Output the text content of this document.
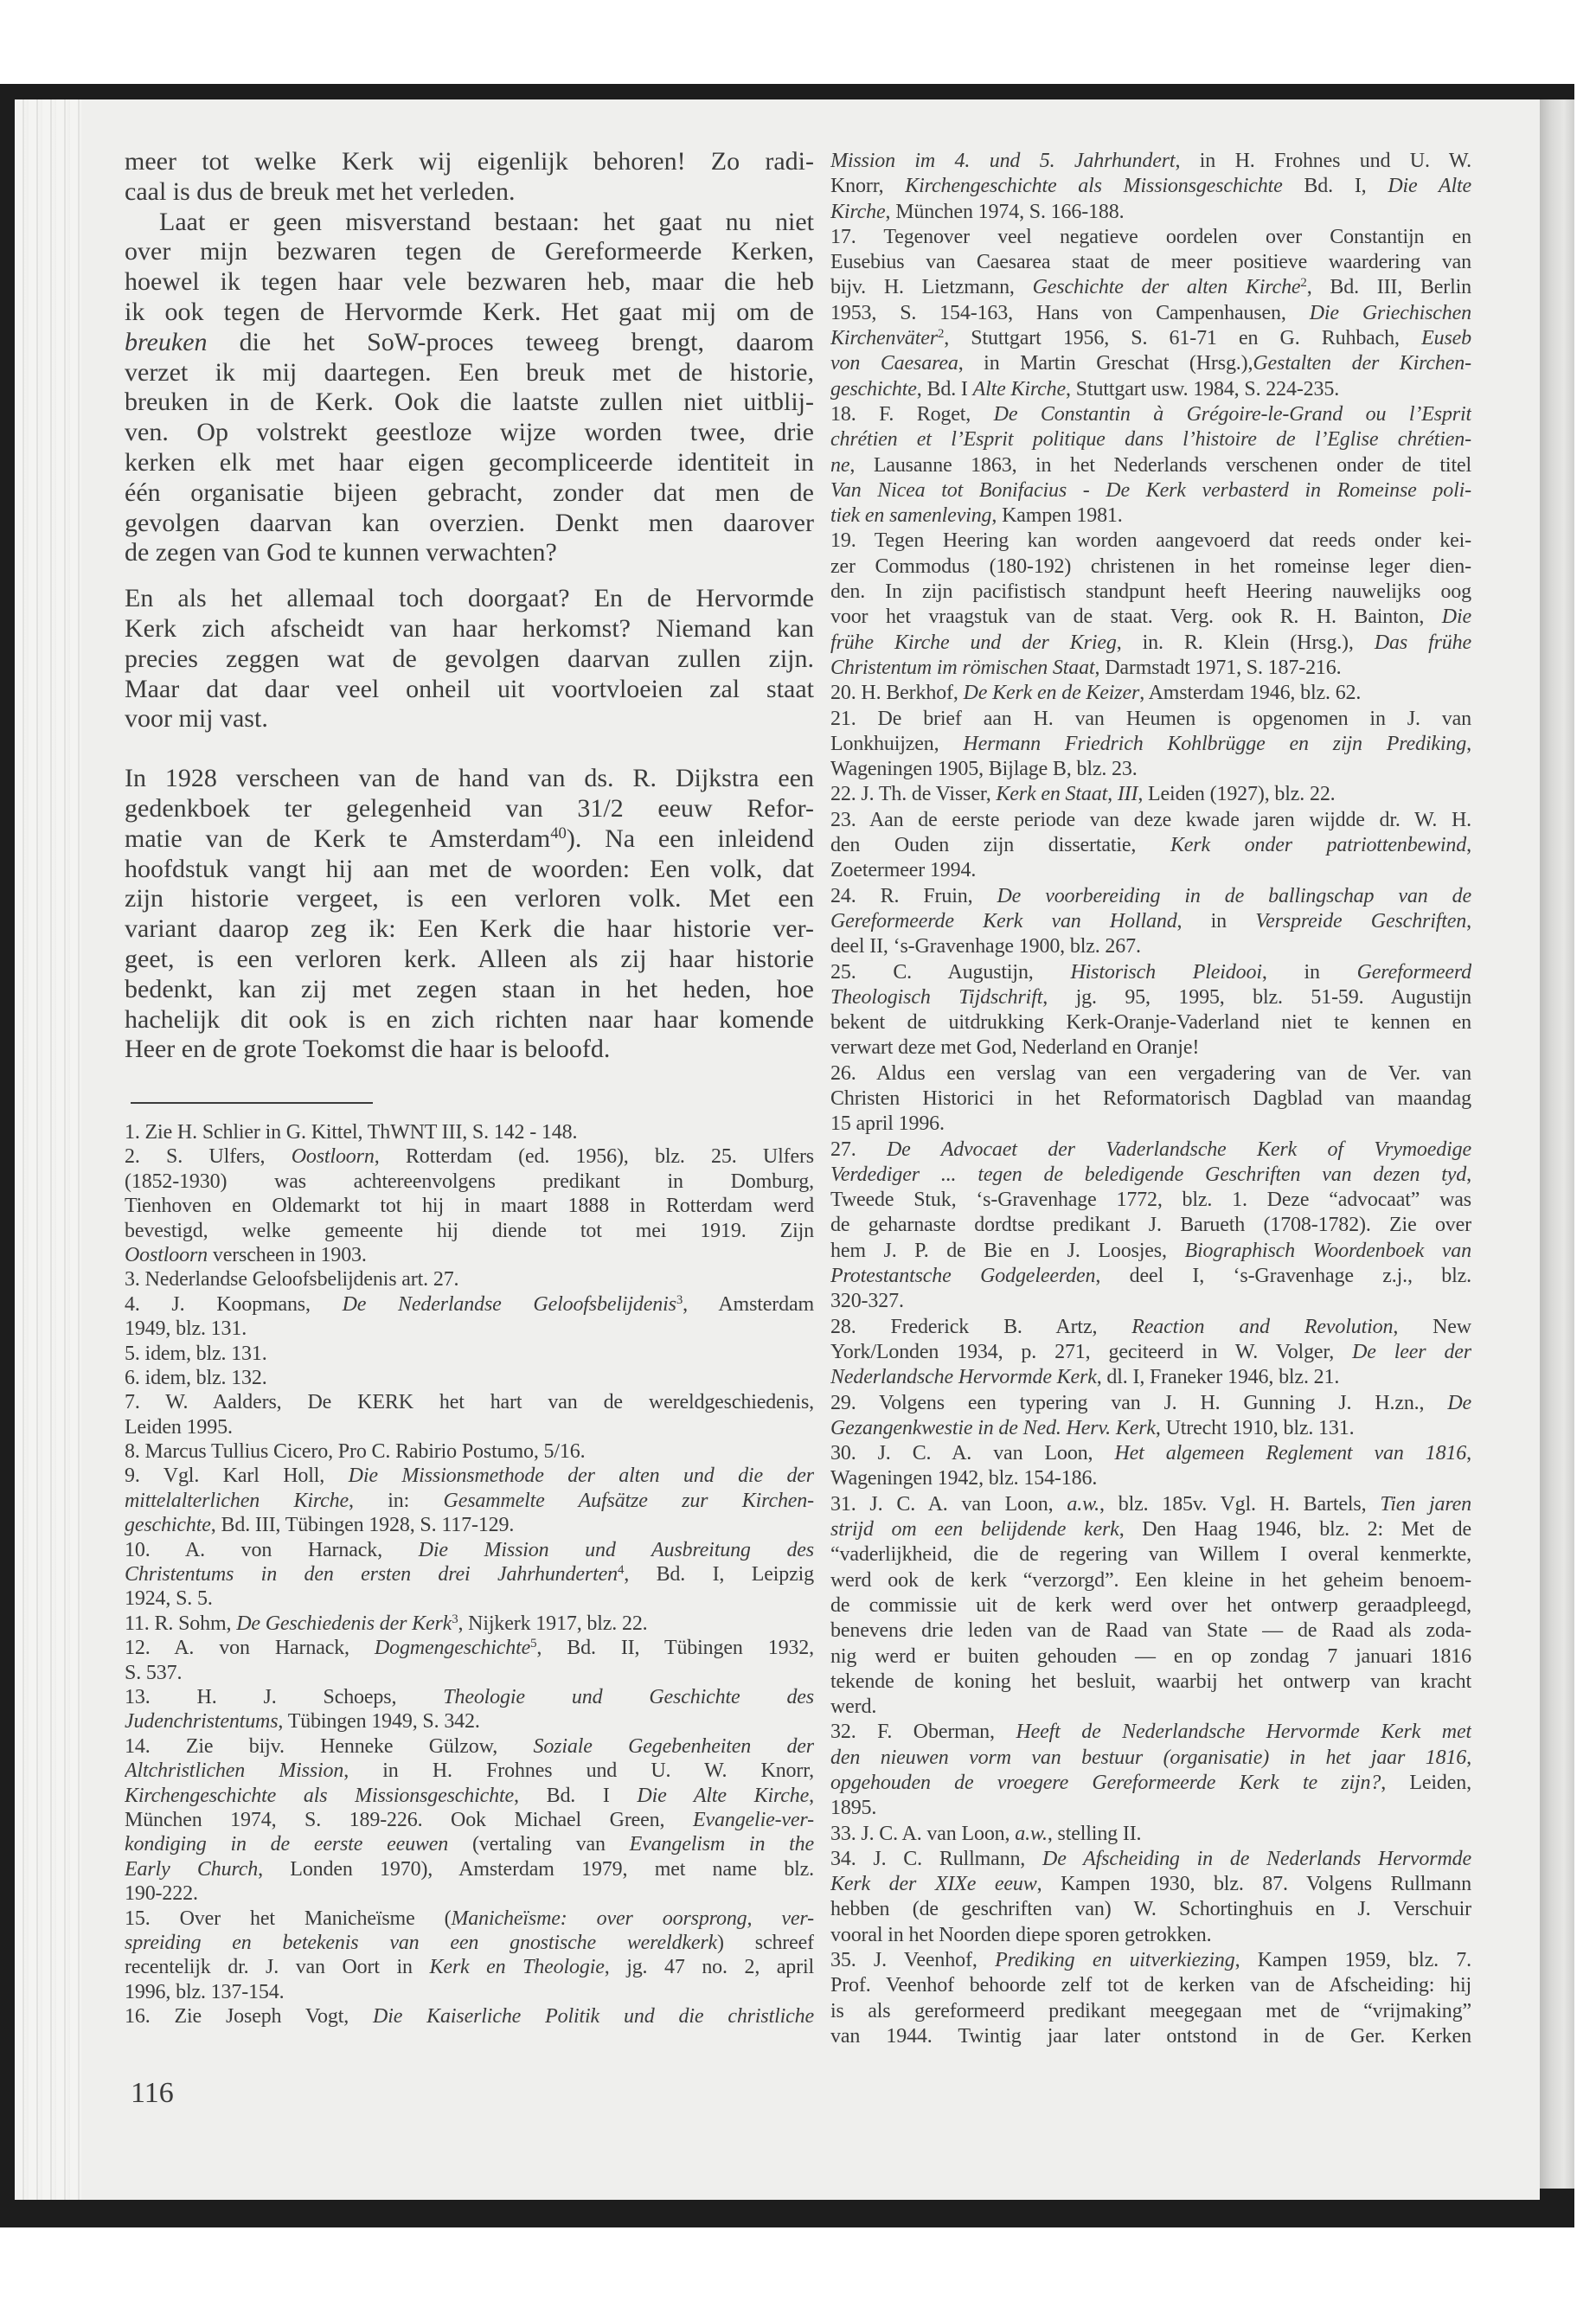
meer tot welke Kerk wij eigenlijk behoren! Zo radi-
caal is dus de breuk met het verleden.
Laat er geen misverstand bestaan: het gaat nu niet
over mijn bezwaren tegen de Gereformeerde Kerken,
hoewel ik tegen haar vele bezwaren heb, maar die heb
ik ook tegen de Hervormde Kerk. Het gaat mij om de
breuken die het SoW-proces teweeg brengt, daarom
verzet ik mij daartegen. Een breuk met de historie,
breuken in de Kerk. Ook die laatste zullen niet uitblij-
ven. Op volstrekt geestloze wijze worden twee, drie
kerken elk met haar eigen gecompliceerde identiteit in
één organisatie bijeen gebracht, zonder dat men de
gevolgen daarvan kan overzien. Denkt men daarover
de zegen van God te kunnen verwachten?
En als het allemaal toch doorgaat? En de Hervormde
Kerk zich afscheidt van haar herkomst? Niemand kan
precies zeggen wat de gevolgen daarvan zullen zijn.
Maar dat daar veel onheil uit voortvloeien zal staat
voor mij vast.
In 1928 verscheen van de hand van ds. R. Dijkstra een
gedenkboek ter gelegenheid van 31/2 eeuw Refor-
matie van de Kerk te Amsterdam$^{40}$). Na een inleidend
hoofdstuk vangt hij aan met de woorden: Een volk, dat
zijn historie vergeet, is een verloren volk. Met een
variant daarop zeg ik: Een Kerk die haar historie ver-
geet, is een verloren kerk. Alleen als zij haar historie
bedenkt, kan zij met zegen staan in het heden, hoe
hachelijk dit ook is en zich richten naar haar komende
Heer en de grote Toekomst die haar is beloofd.
1. Zie H. Schlier in G. Kittel, ThWNT III, S. 142 - 148.
2. S. Ulfers, Oostloorn, Rotterdam (ed. 1956), blz. 25. Ulfers
(1852-1930) was achtereenvolgens predikant in Domburg,
Tienhoven en Oldemarkt tot hij in maart 1888 in Rotterdam werd
bevestigd, welke gemeente hij diende tot mei 1919. Zijn
Oostloorn verscheen in 1903.
3. Nederlandse Geloofsbelijdenis art. 27.
4. J. Koopmans, De Nederlandse Geloofsbelijdenis$^3$, Amsterdam
1949, blz. 131.
5. idem, blz. 131.
6. idem, blz. 132.
7. W. Aalders, De KERK het hart van de wereldgeschiedenis,
Leiden 1995.
8. Marcus Tullius Cicero, Pro C. Rabirio Postumo, 5/16.
9. Vgl. Karl Holl, Die Missionsmethode der alten und die der
mittelalterlichen Kirche, in: Gesammelte Aufsätze zur Kirchen-
geschichte, Bd. III, Tübingen 1928, S. 117-129.
10. A. von Harnack, Die Mission und Ausbreitung des
Christentums in den ersten drei Jahrhunderten$^4$, Bd. I, Leipzig
1924, S. 5.
11. R. Sohm, De Geschiedenis der Kerk$^3$, Nijkerk 1917, blz. 22.
12. A. von Harnack, Dogmengeschichte$^5$, Bd. II, Tübingen 1932,
S. 537.
13. H. J. Schoeps, Theologie und Geschichte des
Judenchristentums, Tübingen 1949, S. 342.
14. Zie bijv. Henneke Gülzow, Soziale Gegebenheiten der
Altchristlichen Mission, in H. Frohnes und U. W. Knorr,
Kirchengeschichte als Missionsgeschichte, Bd. I Die Alte Kirche,
München 1974, S. 189-226. Ook Michael Green, Evangelie-ver-
kondiging in de eerste eeuwen (vertaling van Evangelism in the
Early Church, Londen 1970), Amsterdam 1979, met name blz.
190-222.
15. Over het Manicheïsme (Manicheïsme: over oorsprong, ver-
spreiding en betekenis van een gnostische wereldkerk) schreef
recentelijk dr. J. van Oort in Kerk en Theologie, jg. 47 no. 2, april
1996, blz. 137-154.
16. Zie Joseph Vogt, Die Kaiserliche Politik und die christliche
Mission im 4. und 5. Jahrhundert, in H. Frohnes und U. W.
Knorr, Kirchengeschichte als Missionsgeschichte Bd. I, Die Alte
Kirche, München 1974, S. 166-188.
17. Tegenover veel negatieve oordelen over Constantijn en
Eusebius van Caesarea staat de meer positieve waardering van
bijv. H. Lietzmann, Geschichte der alten Kirche$^2$, Bd. III, Berlin
1953, S. 154-163, Hans von Campenhausen, Die Griechischen
Kirchenväter$^2$, Stuttgart 1956, S. 61-71 en G. Ruhbach, Euseb
von Caesarea, in Martin Greschat (Hrsg.),Gestalten der Kirchen-
geschichte, Bd. I Alte Kirche, Stuttgart usw. 1984, S. 224-235.
18. F. Roget, De Constantin à Grégoire-le-Grand ou l’Esprit
chrétien et l’Esprit politique dans l’histoire de l’Eglise chrétien-
ne, Lausanne 1863, in het Nederlands verschenen onder de titel
Van Nicea tot Bonifacius - De Kerk verbasterd in Romeinse poli-
tiek en samenleving, Kampen 1981.
19. Tegen Heering kan worden aangevoerd dat reeds onder kei-
zer Commodus (180-192) christenen in het romeinse leger dien-
den. In zijn pacifistisch standpunt heeft Heering nauwelijks oog
voor het vraagstuk van de staat. Verg. ook R. H. Bainton, Die
frühe Kirche und der Krieg, in. R. Klein (Hrsg.), Das frühe
Christentum im römischen Staat, Darmstadt 1971, S. 187-216.
20. H. Berkhof, De Kerk en de Keizer, Amsterdam 1946, blz. 62.
21. De brief aan H. van Heumen is opgenomen in J. van
Lonkhuijzen, Hermann Friedrich Kohlbrügge en zijn Prediking,
Wageningen 1905, Bijlage B, blz. 23.
22. J. Th. de Visser, Kerk en Staat, III, Leiden (1927), blz. 22.
23. Aan de eerste periode van deze kwade jaren wijdde dr. W. H.
den Ouden zijn dissertatie, Kerk onder patriottenbewind,
Zoetermeer 1994.
24. R. Fruin, De voorbereiding in de ballingschap van de
Gereformeerde Kerk van Holland, in Verspreide Geschriften,
deel II, ‘s-Gravenhage 1900, blz. 267.
25. C. Augustijn, Historisch Pleidooi, in Gereformeerd
Theologisch Tijdschrift, jg. 95, 1995, blz. 51-59. Augustijn
bekent de uitdrukking Kerk-Oranje-Vaderland niet te kennen en
verwart deze met God, Nederland en Oranje!
26. Aldus een verslag van een vergadering van de Ver. van
Christen Historici in het Reformatorisch Dagblad van maandag
15 april 1996.
27. De Advocaet der Vaderlandsche Kerk of Vrymoedige
Verdediger ... tegen de beledigende Geschriften van dezen tyd,
Tweede Stuk, ‘s-Gravenhage 1772, blz. 1. Deze “advocaat” was
de geharnaste dordtse predikant J. Barueth (1708-1782). Zie over
hem J. P. de Bie en J. Loosjes, Biographisch Woordenboek van
Protestantsche Godgeleerden, deel I, ‘s-Gravenhage z.j., blz.
320-327.
28. Frederick B. Artz, Reaction and Revolution, New
York/Londen 1934, p. 271, geciteerd in W. Volger, De leer der
Nederlandsche Hervormde Kerk, dl. I, Franeker 1946, blz. 21.
29. Volgens een typering van J. H. Gunning J. H.zn., De
Gezangenkwestie in de Ned. Herv. Kerk, Utrecht 1910, blz. 131.
30. J. C. A. van Loon, Het algemeen Reglement van 1816,
Wageningen 1942, blz. 154-186.
31. J. C. A. van Loon, a.w., blz. 185v. Vgl. H. Bartels, Tien jaren
strijd om een belijdende kerk, Den Haag 1946, blz. 2: Met de
“vaderlijkheid, die de regering van Willem I overal kenmerkte,
werd ook de kerk “verzorgd”. Een kleine in het geheim benoem-
de commissie uit de kerk werd over het ontwerp geraadpleegd,
benevens drie leden van de Raad van State — de Raad als zoda-
nig werd er buiten gehouden — en op zondag 7 januari 1816
tekende de koning het besluit, waarbij het ontwerp van kracht
werd.
32. F. Oberman, Heeft de Nederlandsche Hervormde Kerk met
den nieuwen vorm van bestuur (organisatie) in het jaar 1816,
opgehouden de vroegere Gereformeerde Kerk te zijn?, Leiden,
1895.
33. J. C. A. van Loon, a.w., stelling II.
34. J. C. Rullmann, De Afscheiding in de Nederlands Hervormde
Kerk der XIXe eeuw, Kampen 1930, blz. 87. Volgens Rullmann
hebben (de geschriften van) W. Schortinghuis en J. Verschuir
vooral in het Noorden diepe sporen getrokken.
35. J. Veenhof, Prediking en uitverkiezing, Kampen 1959, blz. 7.
Prof. Veenhof behoorde zelf tot de kerken van de Afscheiding: hij
is als gereformeerd predikant meegegaan met de “vrijmaking”
van 1944. Twintig jaar later ontstond in de Ger. Kerken
116
